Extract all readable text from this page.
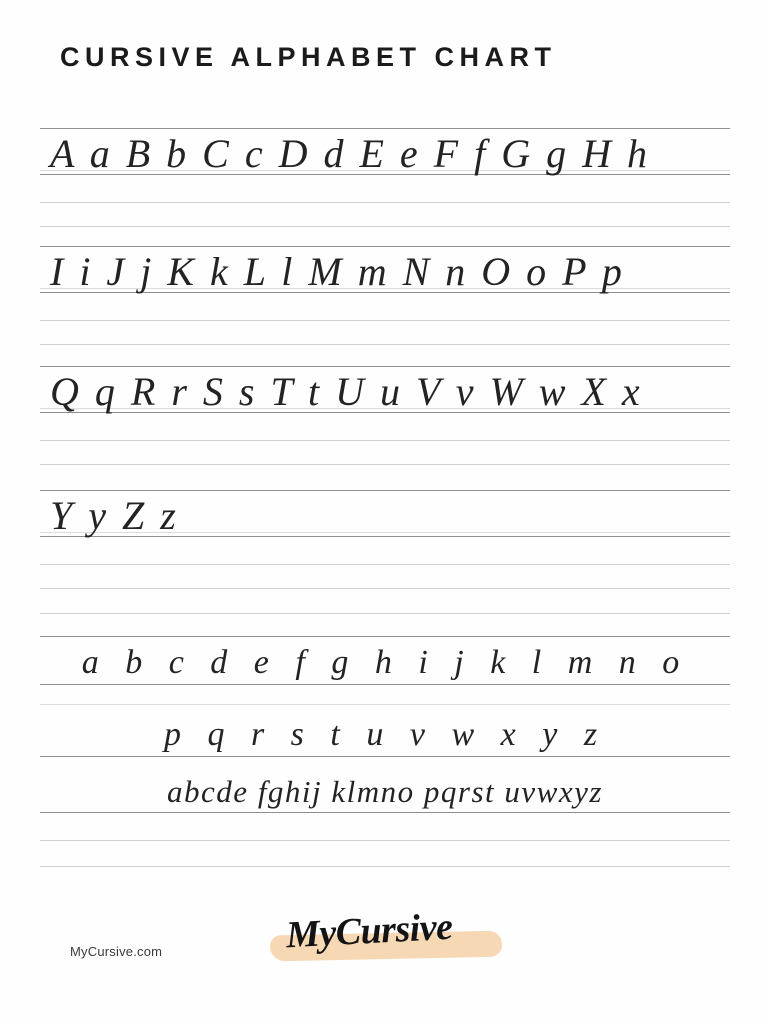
CURSIVE ALPHABET CHART
A a B b C c D d E e F f G g H h
I i J j K k L l M m N n O o P p
Q q R r S s T t U u V v W w X x
Y y Z z
a b c d e f g h i j k l m n o
p q r s t u v w x y z
abcde fghij klmno pqrst uvwxyz
MyCursive.com	MyCursive
